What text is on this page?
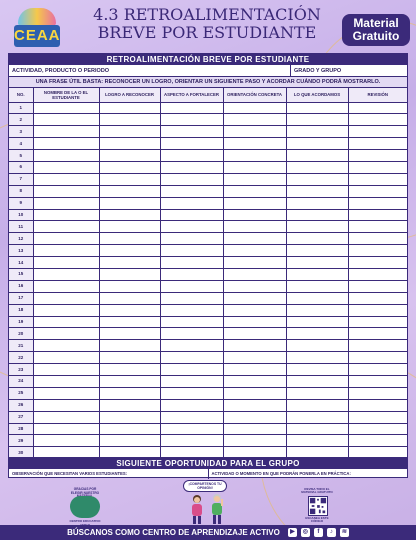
CEAA
4.3 RETROALIMENTACIÓN
BREVE POR ESTUDIANTE	Material
Gratuito
RETROALIMENTACIÓN BREVE POR ESTUDIANTE
ACTIVIDAD, PRODUCTO O PERIODO	GRADO Y GRUPO
UNA FRASE ÚTIL BASTA: RECONOCER UN LOGRO, ORIENTAR UN SIGUIENTE PASO Y ACORDAR CUÁNDO PODRÁ MOSTRARLO.
NO.	NOMBRE DE LA O EL ESTUDIANTE	LOGRO A RECONOCER	ASPECTO A FORTALECER	ORIENTACIÓN CONCRETA	LO QUE ACORDAMOS	REVISIÓN
1						
2						
3						
4						
5						
6						
7						
8						
9						
10						
11						
12						
13						
14						
15						
16						
17						
18						
19						
20						
21						
22						
23						
24						
25						
26						
27						
28						
29						
30						
SIGUIENTE OPORTUNIDAD PARA EL GRUPO
OBSERVACIÓN QUE NECESITAN VARIOS ESTUDIANTES:	ACTIVIDAD O MOMENTO EN QUE PODRÁN PONERLA EN PRÁCTICA:
GRACIAS POR ELEGIR NUESTRO
CENTRO EDUCATIVO
¡COMPARTENOS TU OPINIÓN!	REVISA TODO EL MATERIAL GRATUITO
ESCANEA ESTE CÓDIGO
BÚSCANOS COMO CENTRO DE APRENDIZAJE ACTIVO	▶	◎	f	♪	≋
